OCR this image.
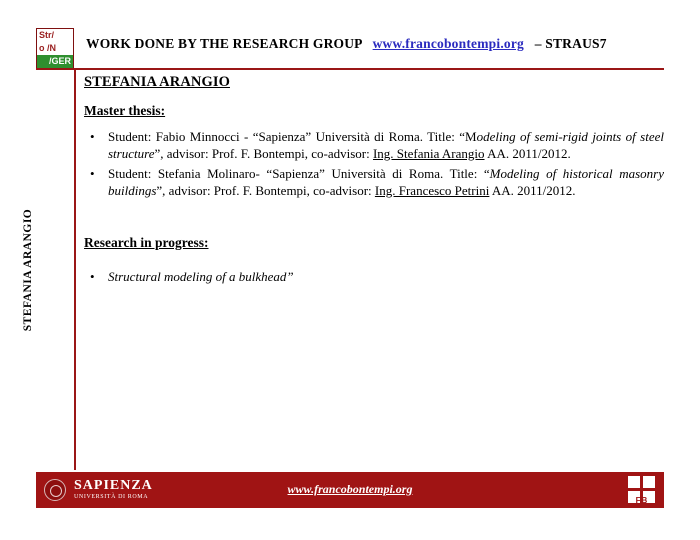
Str/
o /N
/GER
WORK DONE BY THE RESEARCH GROUP www.francobontempi.org – STRAUS7
STEFANIA ARANGIO
STEFANIA ARANGIO
Master thesis:
• Student: Fabio Minnocci - “Sapienza” Università di Roma. Title: “Modeling of semi-rigid joints of steel structure”, advisor: Prof. F. Bontempi, co-advisor: Ing. Stefania Arangio AA. 2011/2012.
• Student: Stefania Molinaro- “Sapienza” Università di Roma. Title: “Modeling of historical masonry buildings”, advisor: Prof. F. Bontempi, co-advisor: Ing. Francesco Petrini AA. 2011/2012.
Research in progress:
• Structural modeling of a bulkhead”
SAPIENZA
UNIVERSITÀ DI ROMA
www.francobontempi.org
FB
